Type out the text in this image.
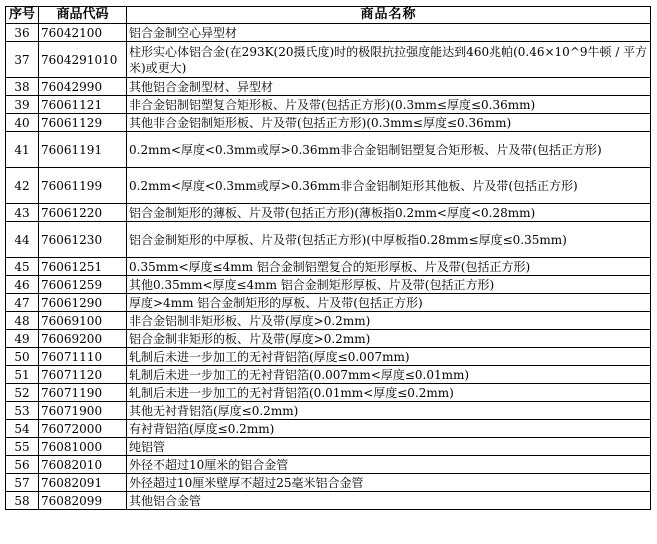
序号	商品代码	商品名称
36	76042100	铝合金制空心异型材
37	7604291010	柱形实心体铝合金(在293K(20摄氏度)时的极限抗拉强度能达到460兆帕(0.46×10^9牛顿 / 平方米)或更大)
38	76042990	其他铝合金制型材、异型材
39	76061121	非合金铝制铝塑复合矩形板、片及带(包括正方形)(0.3mm≤厚度≤0.36mm)
40	76061129	其他非合金铝制矩形板、片及带(包括正方形)(0.3mm≤厚度≤0.36mm)
41	76061191	0.2mm<厚度<0.3mm或厚>0.36mm非合金铝制铝塑复合矩形板、片及带(包括正方形)
42	76061199	0.2mm<厚度<0.3mm或厚>0.36mm非合金铝制矩形其他板、片及带(包括正方形)
43	76061220	铝合金制矩形的薄板、片及带(包括正方形)(薄板指0.2mm<厚度<0.28mm)
44	76061230	铝合金制矩形的中厚板、片及带(包括正方形)(中厚板指0.28mm≤厚度≤0.35mm)
45	76061251	0.35mm<厚度≤4mm 铝合金制铝塑复合的矩形厚板、片及带(包括正方形)
46	76061259	其他0.35mm<厚度≤4mm 铝合金制矩形厚板、片及带(包括正方形)
47	76061290	厚度>4mm 铝合金制矩形的厚板、片及带(包括正方形)
48	76069100	非合金铝制非矩形板、片及带(厚度>0.2mm)
49	76069200	铝合金制非矩形的板、片及带(厚度>0.2mm)
50	76071110	轧制后未进一步加工的无衬背铝箔(厚度≤0.007mm)
51	76071120	轧制后未进一步加工的无衬背铝箔(0.007mm<厚度≤0.01mm)
52	76071190	轧制后未进一步加工的无衬背铝箔(0.01mm<厚度≤0.2mm)
53	76071900	其他无衬背铝箔(厚度≤0.2mm)
54	76072000	有衬背铝箔(厚度≤0.2mm)
55	76081000	纯铝管
56	76082010	外径不超过10厘米的铝合金管
57	76082091	外径超过10厘米壁厚不超过25毫米铝合金管
58	76082099	其他铝合金管
